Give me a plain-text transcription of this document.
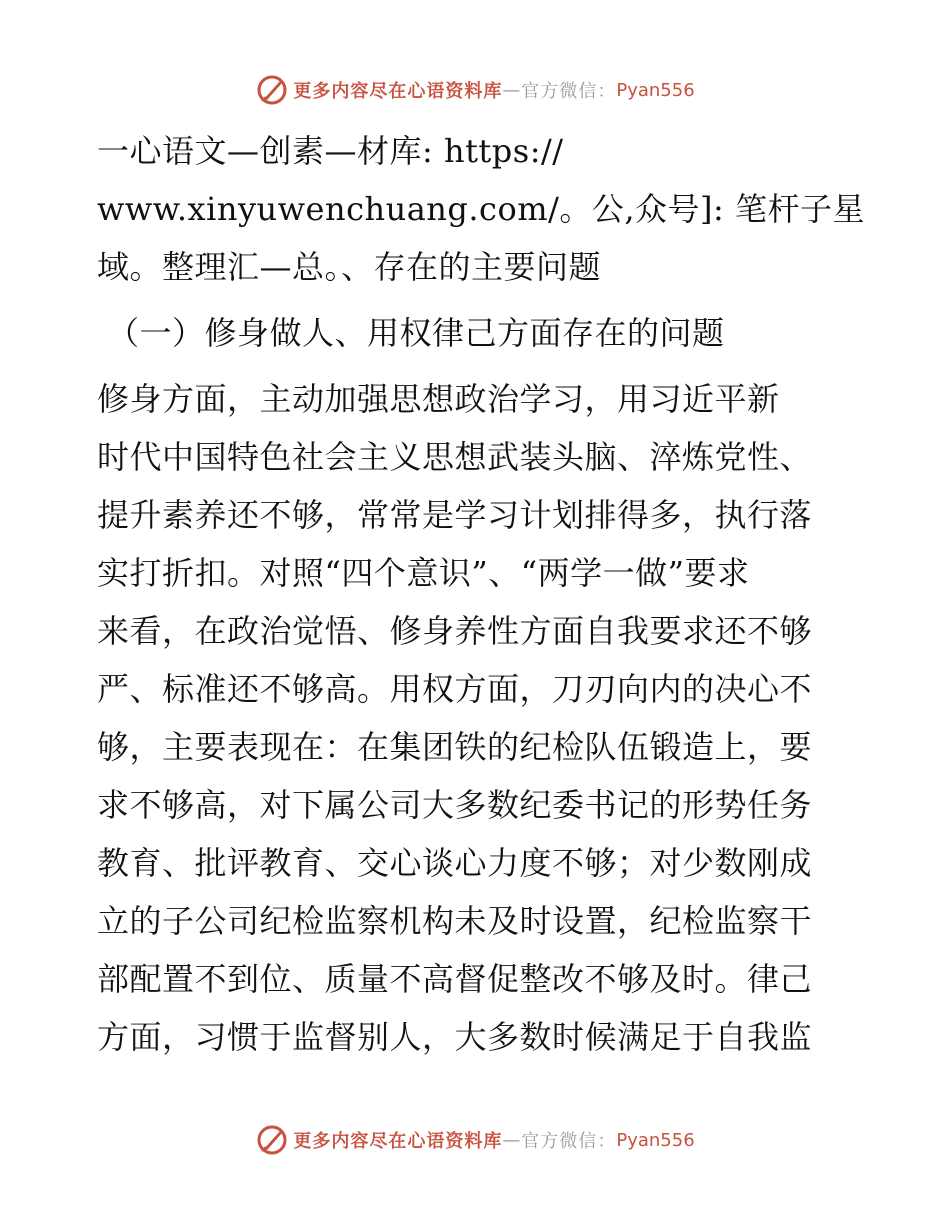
更多内容尽在心语资料库 — 官方微信： Pyan556
一心语文—创素—材库: https://
www.xinyuwenchuang.com/。公,众号]: 笔杆子星
域。整理汇—总。、存在的主要问题
（一）修身做人、用权律己方面存在的问题
修身方面，主动加强思想政治学习，用习近平新
时代中国特色社会主义思想武装头脑、淬炼党性、
提升素养还不够，常常是学习计划排得多，执行落
实打折扣。对照“四个意识”、“两学一做”要求
来看，在政治觉悟、修身养性方面自我要求还不够
严、标准还不够高。用权方面，刀刃向内的决心不
够，主要表现在：在集团铁的纪检队伍锻造上，要
求不够高，对下属公司大多数纪委书记的形势任务
教育、批评教育、交心谈心力度不够；对少数刚成
立的子公司纪检监察机构未及时设置，纪检监察干
部配置不到位、质量不高督促整改不够及时。律己
方面，习惯于监督别人，大多数时候满足于自我监
更多内容尽在心语资料库 — 官方微信： Pyan556
